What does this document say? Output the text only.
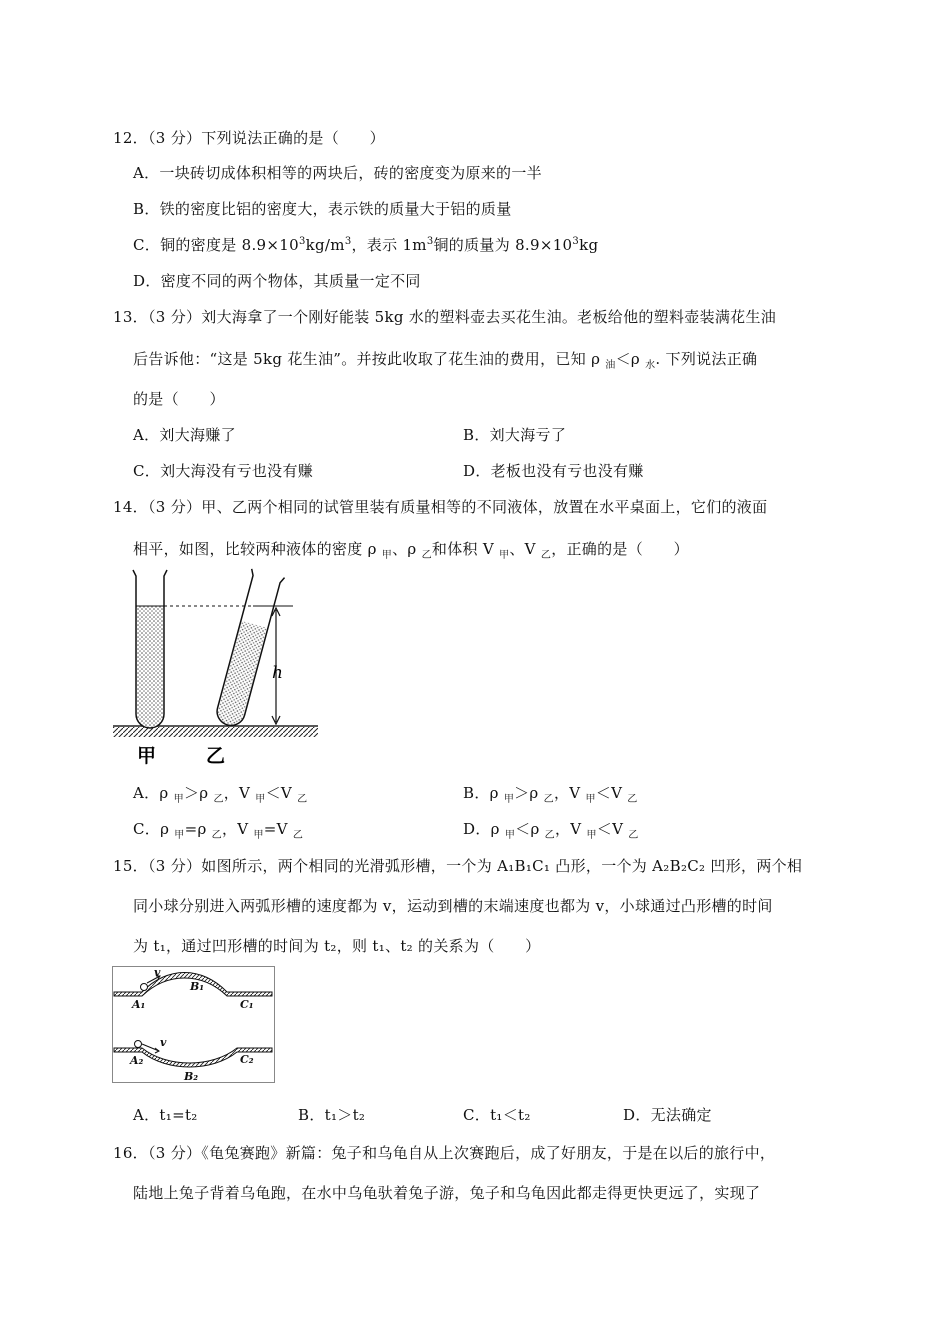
12．（3 分）下列说法正确的是（　　）
A．一块砖切成体积相等的两块后，砖的密度变为原来的一半
B．铁的密度比铝的密度大，表示铁的质量大于铝的质量
C．铜的密度是 $8.9\times 10^3kg/m^3$，表示 $1m^3$铜的质量为 $8.9\times 10^3kg$
D．密度不同的两个物体，其质量一定不同
13．（3 分）刘大海拿了一个刚好能装 5kg 水的塑料壶去买花生油。老板给他的塑料壶装满花生油
后告诉他：“这是 5kg 花生油”。并按此收取了花生油的费用，已知 ρ $_油$＜ρ $_水$. 下列说法正确
的是（　　）
A．刘大海赚了	B．刘大海亏了
C．刘大海没有亏也没有赚	D．老板也没有亏也没有赚
14．（3 分）甲、乙两个相同的试管里装有质量相等的不同液体，放置在水平桌面上，它们的液面
相平，如图，比较两种液体的密度 ρ $_甲$、ρ $_乙$和体积 V $_甲$、V $_乙$，正确的是（　　）
h
甲	乙
A．ρ $_甲$＞ρ $_乙$，V $_甲$＜V $_乙$	B．ρ $_甲$＞ρ $_乙$，V $_甲$＜V $_乙$
C．ρ $_甲$=ρ $_乙$，V $_甲$=V $_乙$	D．ρ $_甲$＜ρ $_乙$，V $_甲$＜V $_乙$
15．（3 分）如图所示，两个相同的光滑弧形槽，一个为 A₁B₁C₁ 凸形，一个为 A₂B₂C₂ 凹形，两个相
同小球分别进入两弧形槽的速度都为 v，运动到槽的末端速度也都为 v，小球通过凸形槽的时间
为 t₁，通过凹形槽的时间为 t₂，则 t₁、t₂ 的关系为（　　）
v
A₁
B₁
C₁
v
A₂
B₂
C₂
A．t₁=t₂	B．t₁＞t₂	C．t₁＜t₂	D．无法确定
16．（3 分）《龟兔赛跑》新篇：兔子和乌龟自从上次赛跑后，成了好朋友，于是在以后的旅行中，
陆地上兔子背着乌龟跑，在水中乌龟驮着兔子游，兔子和乌龟因此都走得更快更远了，实现了
